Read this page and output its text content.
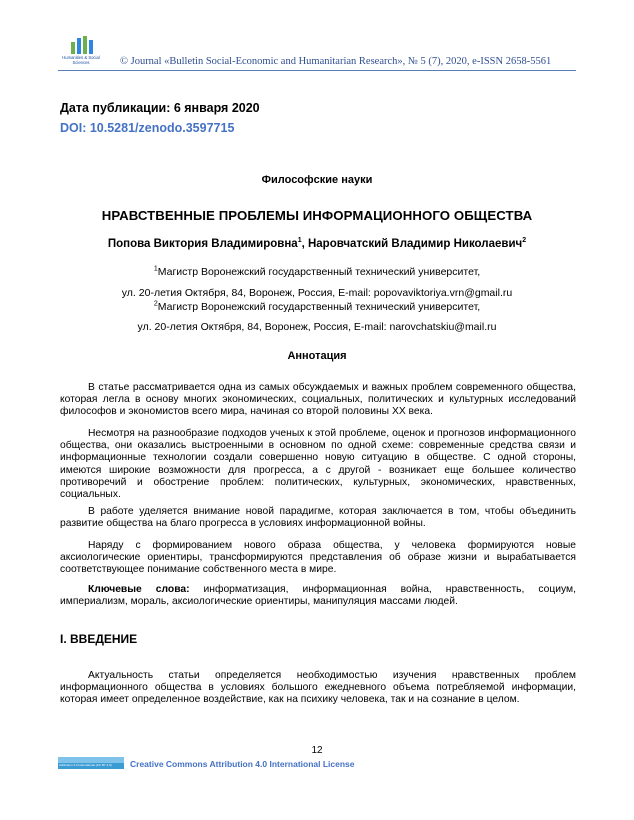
Humanities & Social
Sciences	© Journal «Bulletin Social-Economic and Humanitarian Research», № 5 (7), 2020, e-ISSN 2658-5561
Дата публикации: 6 января 2020
DOI: 10.5281/zenodo.3597715
Философские науки
НРАВСТВЕННЫЕ ПРОБЛЕМЫ ИНФОРМАЦИОННОГО ОБЩЕСТВА
Попова Виктория Владимировна$^1$, Наровчатский Владимир Николаевич$^2$
$^1$Магистр Воронежский государственный технический университет,
ул. 20-летия Октября, 84, Воронеж, Россия, E-mail: popovaviktoriya.vrn@gmail.ru
$^2$Магистр Воронежский государственный технический университет,
ул. 20-летия Октября, 84, Воронеж, Россия, E-mail: narovchatskiu@mail.ru
Аннотация

В статье рассматривается одна из самых обсуждаемых и важных проблем современного общества, которая легла в основу многих экономических, социальных, политических и культурных исследований философов и экономистов всего мира, начиная со второй половины XX века.

Несмотря на разнообразие подходов ученых к этой проблеме, оценок и прогнозов информационного общества, они оказались выстроенными в основном по одной схеме: современные средства связи и информационные технологии создали совершенно новую ситуацию в обществе. С одной стороны, имеются широкие возможности для прогресса, а с другой - возникает еще большее количество противоречий и обострение проблем: политических, культурных, экономических, нравственных, социальных.

В работе уделяется внимание новой парадигме, которая заключается в том, чтобы объединить развитие общества на благо прогресса в условиях информационной войны.

Наряду с формированием нового образа общества, у человека формируются новые аксиологические ориентиры, трансформируются представления об образе жизни и вырабатывается соответствующее понимание собственного места в мире.

Ключевые слова: информатизация, информационная война, нравственность, социум, империализм, мораль, аксиологические ориентиры, манипуляция массами людей.

I. ВВЕДЕНИЕ

Актуальность статьи определяется необходимостью изучения нравственных проблем информационного общества в условиях большого ежедневного объема потребляемой информации, которая имеет определенное воздействие, как на психику человека, так и на сознание в целом.

12
Attribution 4.0 International (CC BY 4.0)	Creative Commons Attribution 4.0 International License
